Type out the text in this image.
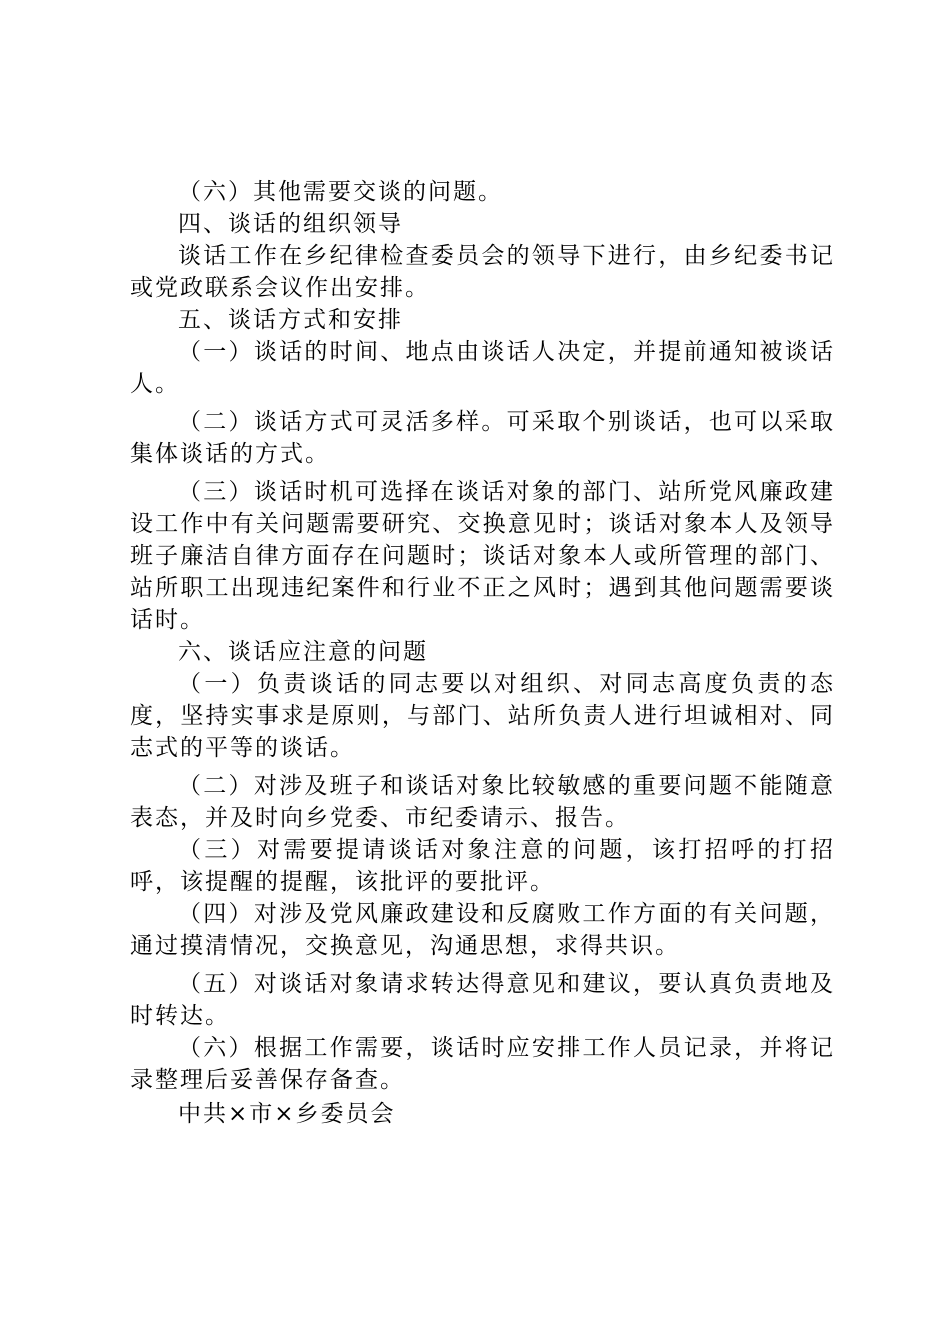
（六）其他需要交谈的问题。

四、谈话的组织领导

谈话工作在乡纪律检查委员会的领导下进行，由乡纪委书记或党政联系会议作出安排。

五、谈话方式和安排

（一）谈话的时间、地点由谈话人决定，并提前通知被谈话人。

（二）谈话方式可灵活多样。可采取个别谈话，也可以采取集体谈话的方式。

（三）谈话时机可选择在谈话对象的部门、站所党风廉政建设工作中有关问题需要研究、交换意见时；谈话对象本人及领导班子廉洁自律方面存在问题时；谈话对象本人或所管理的部门、站所职工出现违纪案件和行业不正之风时；遇到其他问题需要谈话时。

六、谈话应注意的问题

（一）负责谈话的同志要以对组织、对同志高度负责的态度，坚持实事求是原则，与部门、站所负责人进行坦诚相对、同志式的平等的谈话。

（二）对涉及班子和谈话对象比较敏感的重要问题不能随意表态，并及时向乡党委、市纪委请示、报告。

（三）对需要提请谈话对象注意的问题，该打招呼的打招呼，该提醒的提醒，该批评的要批评。

（四）对涉及党风廉政建设和反腐败工作方面的有关问题，通过摸清情况，交换意见，沟通思想，求得共识。

（五）对谈话对象请求转达得意见和建议，要认真负责地及时转达。

（六）根据工作需要，谈话时应安排工作人员记录，并将记录整理后妥善保存备查。

中共×市×乡委员会
